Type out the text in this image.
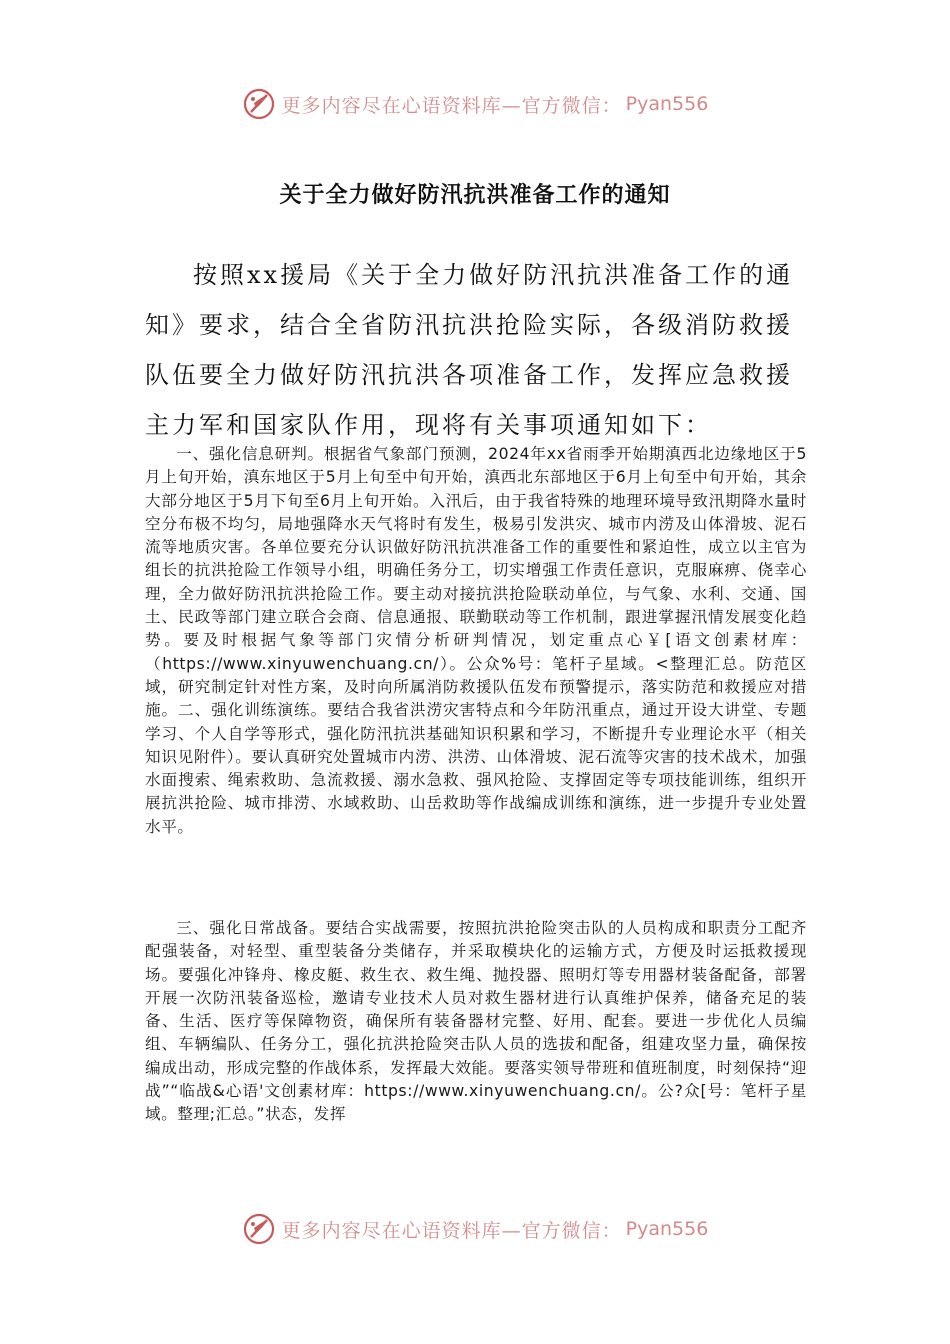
更多内容尽在心语资料库—官方微信： Pyan556
关于全力做好防汛抗洪准备工作的通知

按照xx援局《关于全力做好防汛抗洪准备工作的通知》要求，结合全省防汛抗洪抢险实际，各级消防救援队伍要全力做好防汛抗洪各项准备工作，发挥应急救援主力军和国家队作用，现将有关事项通知如下：

一、强化信息研判。根据省气象部门预测，2024年xx省雨季开始期滇西北边缘地区于5月上旬开始，滇东地区于5月上旬至中旬开始，滇西北东部地区于6月上旬至中旬开始，其余大部分地区于5月下旬至6月上旬开始。入汛后，由于我省特殊的地理环境导致汛期降水量时空分布极不均匀，局地强降水天气将时有发生，极易引发洪灾、城市内涝及山体滑坡、泥石流等地质灾害。各单位要充分认识做好防汛抗洪准备工作的重要性和紧迫性，成立以主官为组长的抗洪抢险工作领导小组，明确任务分工，切实增强工作责任意识，克服麻痹、侥幸心理，全力做好防汛抗洪抢险工作。要主动对接抗洪抢险联动单位，与气象、水利、交通、国土、民政等部门建立联合会商、信息通报、联勤联动等工作机制，跟进掌握汛情发展变化趋势。要及时根据气象等部门灾情分析研判情况，划定重点心￥[语文创素材库：（https://www.xinyuwenchuang.cn/）。公众%号：笔杆子星域。<整理汇总。防范区域，研究制定针对性方案，及时向所属消防救援队伍发布预警提示，落实防范和救援应对措施。二、强化训练演练。要结合我省洪涝灾害特点和今年防汛重点，通过开设大讲堂、专题学习、个人自学等形式，强化防汛抗洪基础知识积累和学习，不断提升专业理论水平（相关知识见附件）。要认真研究处置城市内涝、洪涝、山体滑坡、泥石流等灾害的技术战术，加强水面搜索、绳索救助、急流救援、溺水急救、强风抢险、支撑固定等专项技能训练，组织开展抗洪抢险、城市排涝、水域救助、山岳救助等作战编成训练和演练，进一步提升专业处置水平。

三、强化日常战备。要结合实战需要，按照抗洪抢险突击队的人员构成和职责分工配齐配强装备，对轻型、重型装备分类储存，并采取模块化的运输方式，方便及时运抵救援现场。要强化冲锋舟、橡皮艇、救生衣、救生绳、抛投器、照明灯等专用器材装备配备，部署开展一次防汛装备巡检，邀请专业技术人员对救生器材进行认真维护保养，储备充足的装备、生活、医疗等保障物资，确保所有装备器材完整、好用、配套。要进一步优化人员编组、车辆编队、任务分工，强化抗洪抢险突击队人员的选拔和配备，组建攻坚力量，确保按编成出动，形成完整的作战体系，发挥最大效能。要落实领导带班和值班制度，时刻保持“迎战”“临战&心语'文创素材库：https://www.xinyuwenchuang.cn/。公?众[号：笔杆子星域。整理;汇总。”状态，发挥

更多内容尽在心语资料库—官方微信： Pyan556
